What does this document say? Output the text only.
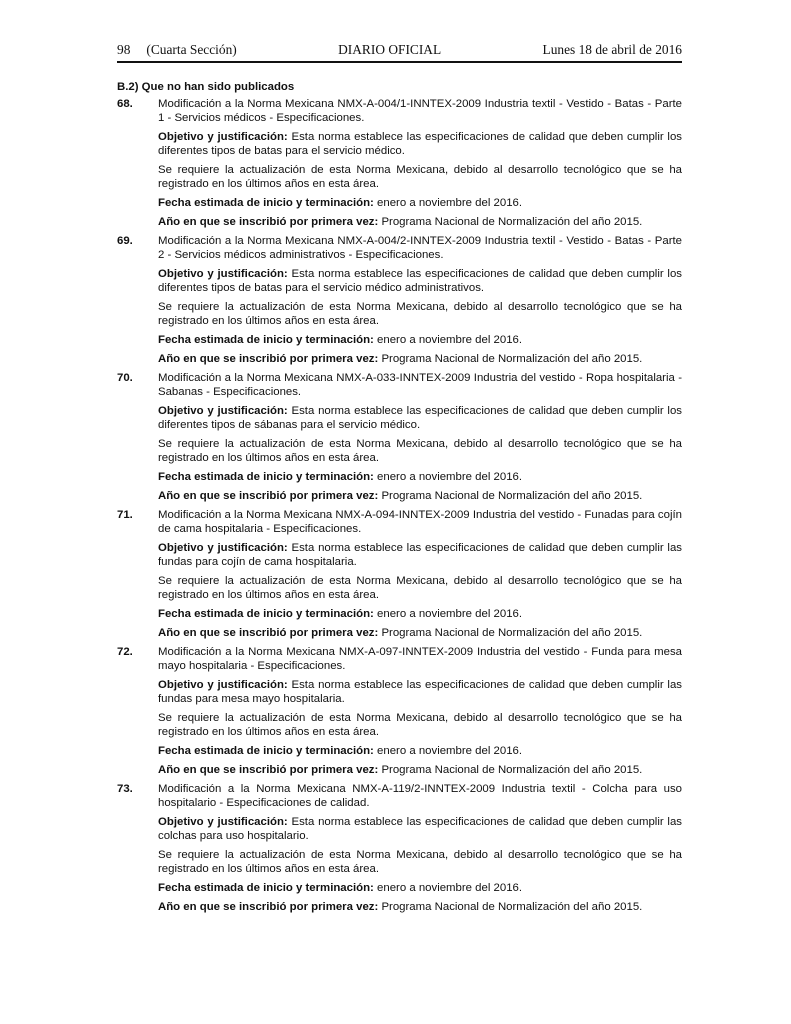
98 (Cuarta Sección)	DIARIO OFICIAL	Lunes 18 de abril de 2016
B.2) Que no han sido publicados
68.	Modificación a la Norma Mexicana NMX-A-004/1-INNTEX-2009 Industria textil - Vestido - Batas - Parte 1 - Servicios médicos - Especificaciones.
Objetivo y justificación: Esta norma establece las especificaciones de calidad que deben cumplir los diferentes tipos de batas para el servicio médico.
Se requiere la actualización de esta Norma Mexicana, debido al desarrollo tecnológico que se ha registrado en los últimos años en esta área.
Fecha estimada de inicio y terminación: enero a noviembre del 2016.
Año en que se inscribió por primera vez: Programa Nacional de Normalización del año 2015.
69.	Modificación a la Norma Mexicana NMX-A-004/2-INNTEX-2009 Industria textil - Vestido - Batas - Parte 2 - Servicios médicos administrativos - Especificaciones.
Objetivo y justificación: Esta norma establece las especificaciones de calidad que deben cumplir los diferentes tipos de batas para el servicio médico administrativos.
Se requiere la actualización de esta Norma Mexicana, debido al desarrollo tecnológico que se ha registrado en los últimos años en esta área.
Fecha estimada de inicio y terminación: enero a noviembre del 2016.
Año en que se inscribió por primera vez: Programa Nacional de Normalización del año 2015.
70.	Modificación a la Norma Mexicana NMX-A-033-INNTEX-2009 Industria del vestido - Ropa hospitalaria - Sabanas - Especificaciones.
Objetivo y justificación: Esta norma establece las especificaciones de calidad que deben cumplir los diferentes tipos de sábanas para el servicio médico.
Se requiere la actualización de esta Norma Mexicana, debido al desarrollo tecnológico que se ha registrado en los últimos años en esta área.
Fecha estimada de inicio y terminación: enero a noviembre del 2016.
Año en que se inscribió por primera vez: Programa Nacional de Normalización del año 2015.
71.	Modificación a la Norma Mexicana NMX-A-094-INNTEX-2009 Industria del vestido - Funadas para cojín de cama hospitalaria - Especificaciones.
Objetivo y justificación: Esta norma establece las especificaciones de calidad que deben cumplir las fundas para cojín de cama hospitalaria.
Se requiere la actualización de esta Norma Mexicana, debido al desarrollo tecnológico que se ha registrado en los últimos años en esta área.
Fecha estimada de inicio y terminación: enero a noviembre del 2016.
Año en que se inscribió por primera vez: Programa Nacional de Normalización del año 2015.
72.	Modificación a la Norma Mexicana NMX-A-097-INNTEX-2009 Industria del vestido - Funda para mesa mayo hospitalaria - Especificaciones.
Objetivo y justificación: Esta norma establece las especificaciones de calidad que deben cumplir las fundas para mesa mayo hospitalaria.
Se requiere la actualización de esta Norma Mexicana, debido al desarrollo tecnológico que se ha registrado en los últimos años en esta área.
Fecha estimada de inicio y terminación: enero a noviembre del 2016.
Año en que se inscribió por primera vez: Programa Nacional de Normalización del año 2015.
73.	Modificación a la Norma Mexicana NMX-A-119/2-INNTEX-2009 Industria textil - Colcha para uso hospitalario - Especificaciones de calidad.
Objetivo y justificación: Esta norma establece las especificaciones de calidad que deben cumplir las colchas para uso hospitalario.
Se requiere la actualización de esta Norma Mexicana, debido al desarrollo tecnológico que se ha registrado en los últimos años en esta área.
Fecha estimada de inicio y terminación: enero a noviembre del 2016.
Año en que se inscribió por primera vez: Programa Nacional de Normalización del año 2015.
